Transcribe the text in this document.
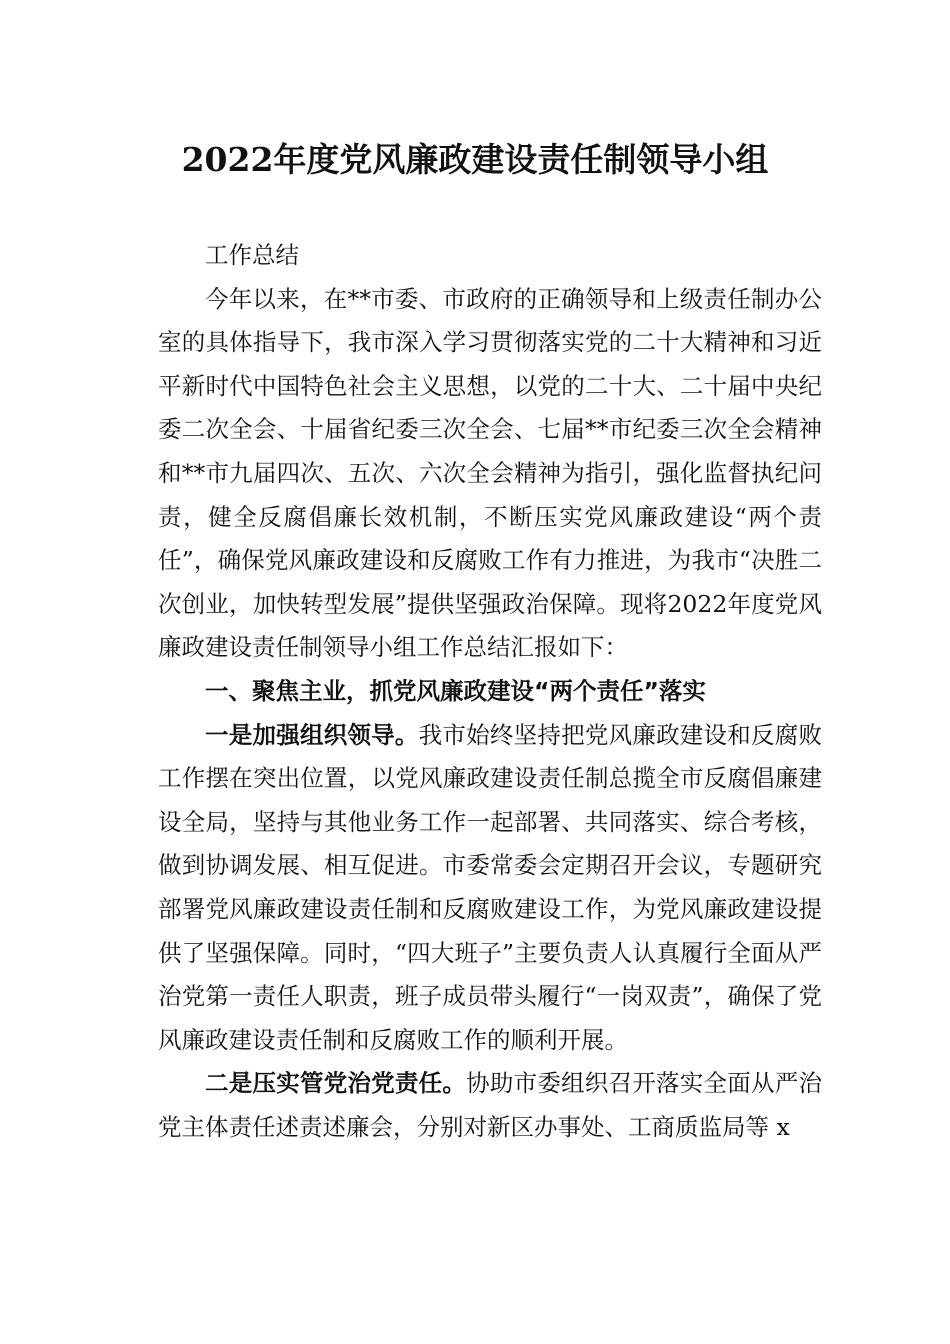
2022年度党风廉政建设责任制领导小组

工作总结

今年以来，在**市委、市政府的正确领导和上级责任制办公室的具体指导下，我市深入学习贯彻落实党的二十大精神和习近平新时代中国特色社会主义思想，以党的二十大、二十届中央纪委二次全会、十届省纪委三次全会、七届**市纪委三次全会精神和**市九届四次、五次、六次全会精神为指引，强化监督执纪问责，健全反腐倡廉长效机制，不断压实党风廉政建设“两个责任”，确保党风廉政建设和反腐败工作有力推进，为我市“决胜二次创业，加快转型发展”提供坚强政治保障。现将2022年度党风廉政建设责任制领导小组工作总结汇报如下：

一、聚焦主业，抓党风廉政建设“两个责任”落实

一是加强组织领导。我市始终坚持把党风廉政建设和反腐败工作摆在突出位置，以党风廉政建设责任制总揽全市反腐倡廉建设全局，坚持与其他业务工作一起部署、共同落实、综合考核，做到协调发展、相互促进。市委常委会定期召开会议，专题研究部署党风廉政建设责任制和反腐败建设工作，为党风廉政建设提供了坚强保障。同时，“四大班子”主要负责人认真履行全面从严治党第一责任人职责，班子成员带头履行“一岗双责”，确保了党风廉政建设责任制和反腐败工作的顺利开展。

二是压实管党治党责任。协助市委组织召开落实全面从严治党主体责任述责述廉会，分别对新区办事处、工商质监局等 x
